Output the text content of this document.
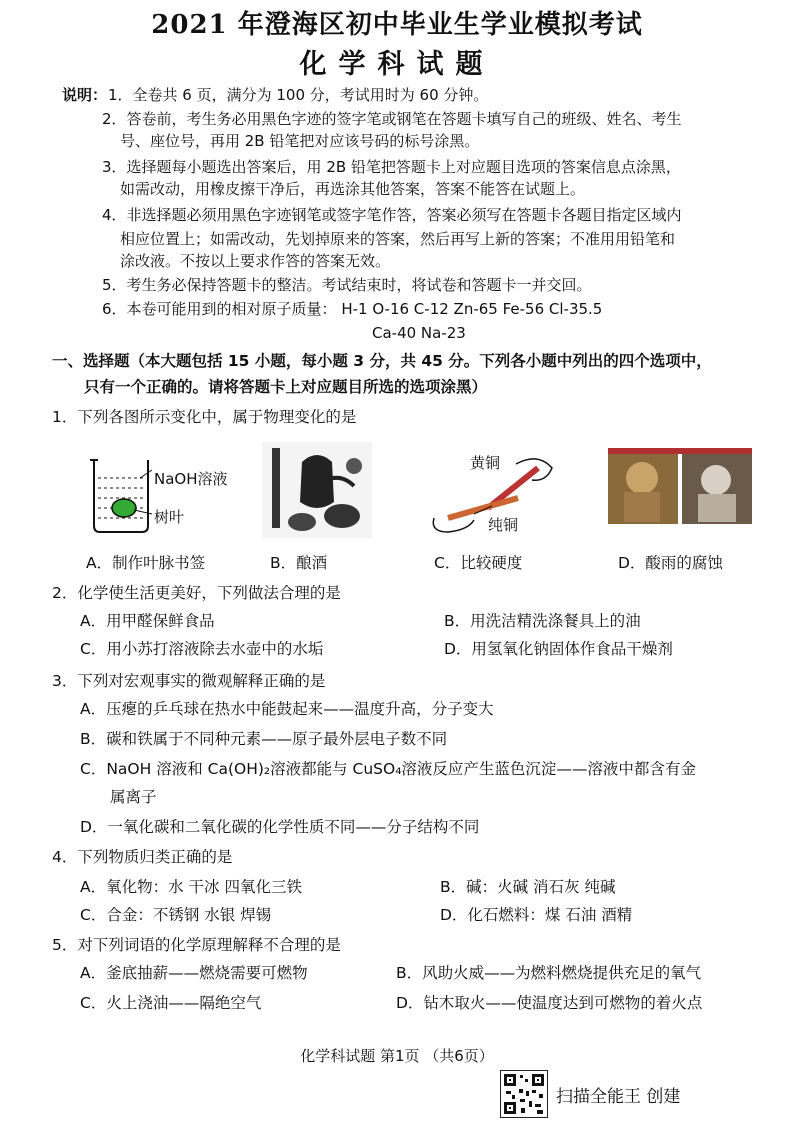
2021 年澄海区初中毕业生学业模拟考试
化学科试题
说明： 1．全卷共 6 页，满分为 100 分，考试用时为 60 分钟。
2．答卷前，考生务必用黑色字迹的签字笔或钢笔在答题卡填写自己的班级、姓名、考生
号、座位号，再用 2B 铅笔把对应该号码的标号涂黑。
3．选择题每小题选出答案后，用 2B 铅笔把答题卡上对应题目选项的答案信息点涂黑，
如需改动，用橡皮擦干净后，再选涂其他答案，答案不能答在试题上。
4．非选择题必须用黑色字迹钢笔或签字笔作答，答案必须写在答题卡各题目指定区域内
相应位置上；如需改动，先划掉原来的答案，然后再写上新的答案；不准用用铅笔和
涂改液。不按以上要求作答的答案无效。
5．考生务必保持答题卡的整洁。考试结束时，将试卷和答题卡一并交回。
6．本卷可能用到的相对原子质量： H-1 O-16 C-12 Zn-65 Fe-56 Cl-35.5
Ca-40 Na-23
一、选择题（本大题包括 15 小题，每小题 3 分，共 45 分。下列各小题中列出的四个选项中，
只有一个正确的。请将答题卡上对应题目所选的选项涂黑）
1．下列各图所示变化中，属于物理变化的是
NaOH溶液
树叶
黄铜
纯铜
A．制作叶脉书签	B．酿酒	C．比较硬度	D．酸雨的腐蚀
2．化学使生活更美好，下列做法合理的是
A．用甲醛保鲜食品	B．用洗洁精洗涤餐具上的油
C．用小苏打溶液除去水壶中的水垢	D．用氢氧化钠固体作食品干燥剂
3．下列对宏观事实的微观解释正确的是
A．压瘪的乒乓球在热水中能鼓起来——温度升高，分子变大
B．碳和铁属于不同种元素——原子最外层电子数不同
C．NaOH 溶液和 Ca(OH)₂溶液都能与 CuSO₄溶液反应产生蓝色沉淀——溶液中都含有金
属离子
D．一氧化碳和二氧化碳的化学性质不同——分子结构不同
4．下列物质归类正确的是
A．氧化物：水 干冰 四氧化三铁	B．碱：火碱 消石灰 纯碱
C．合金：不锈钢 水银 焊锡	D．化石燃料：煤 石油 酒精
5．对下列词语的化学原理解释不合理的是
A．釜底抽薪——燃烧需要可燃物	B．风助火威——为燃料燃烧提供充足的氧气
C．火上浇油——隔绝空气	D．钻木取火——使温度达到可燃物的着火点
化学科试题 第1页 （共6页）
扫描全能王 创建
